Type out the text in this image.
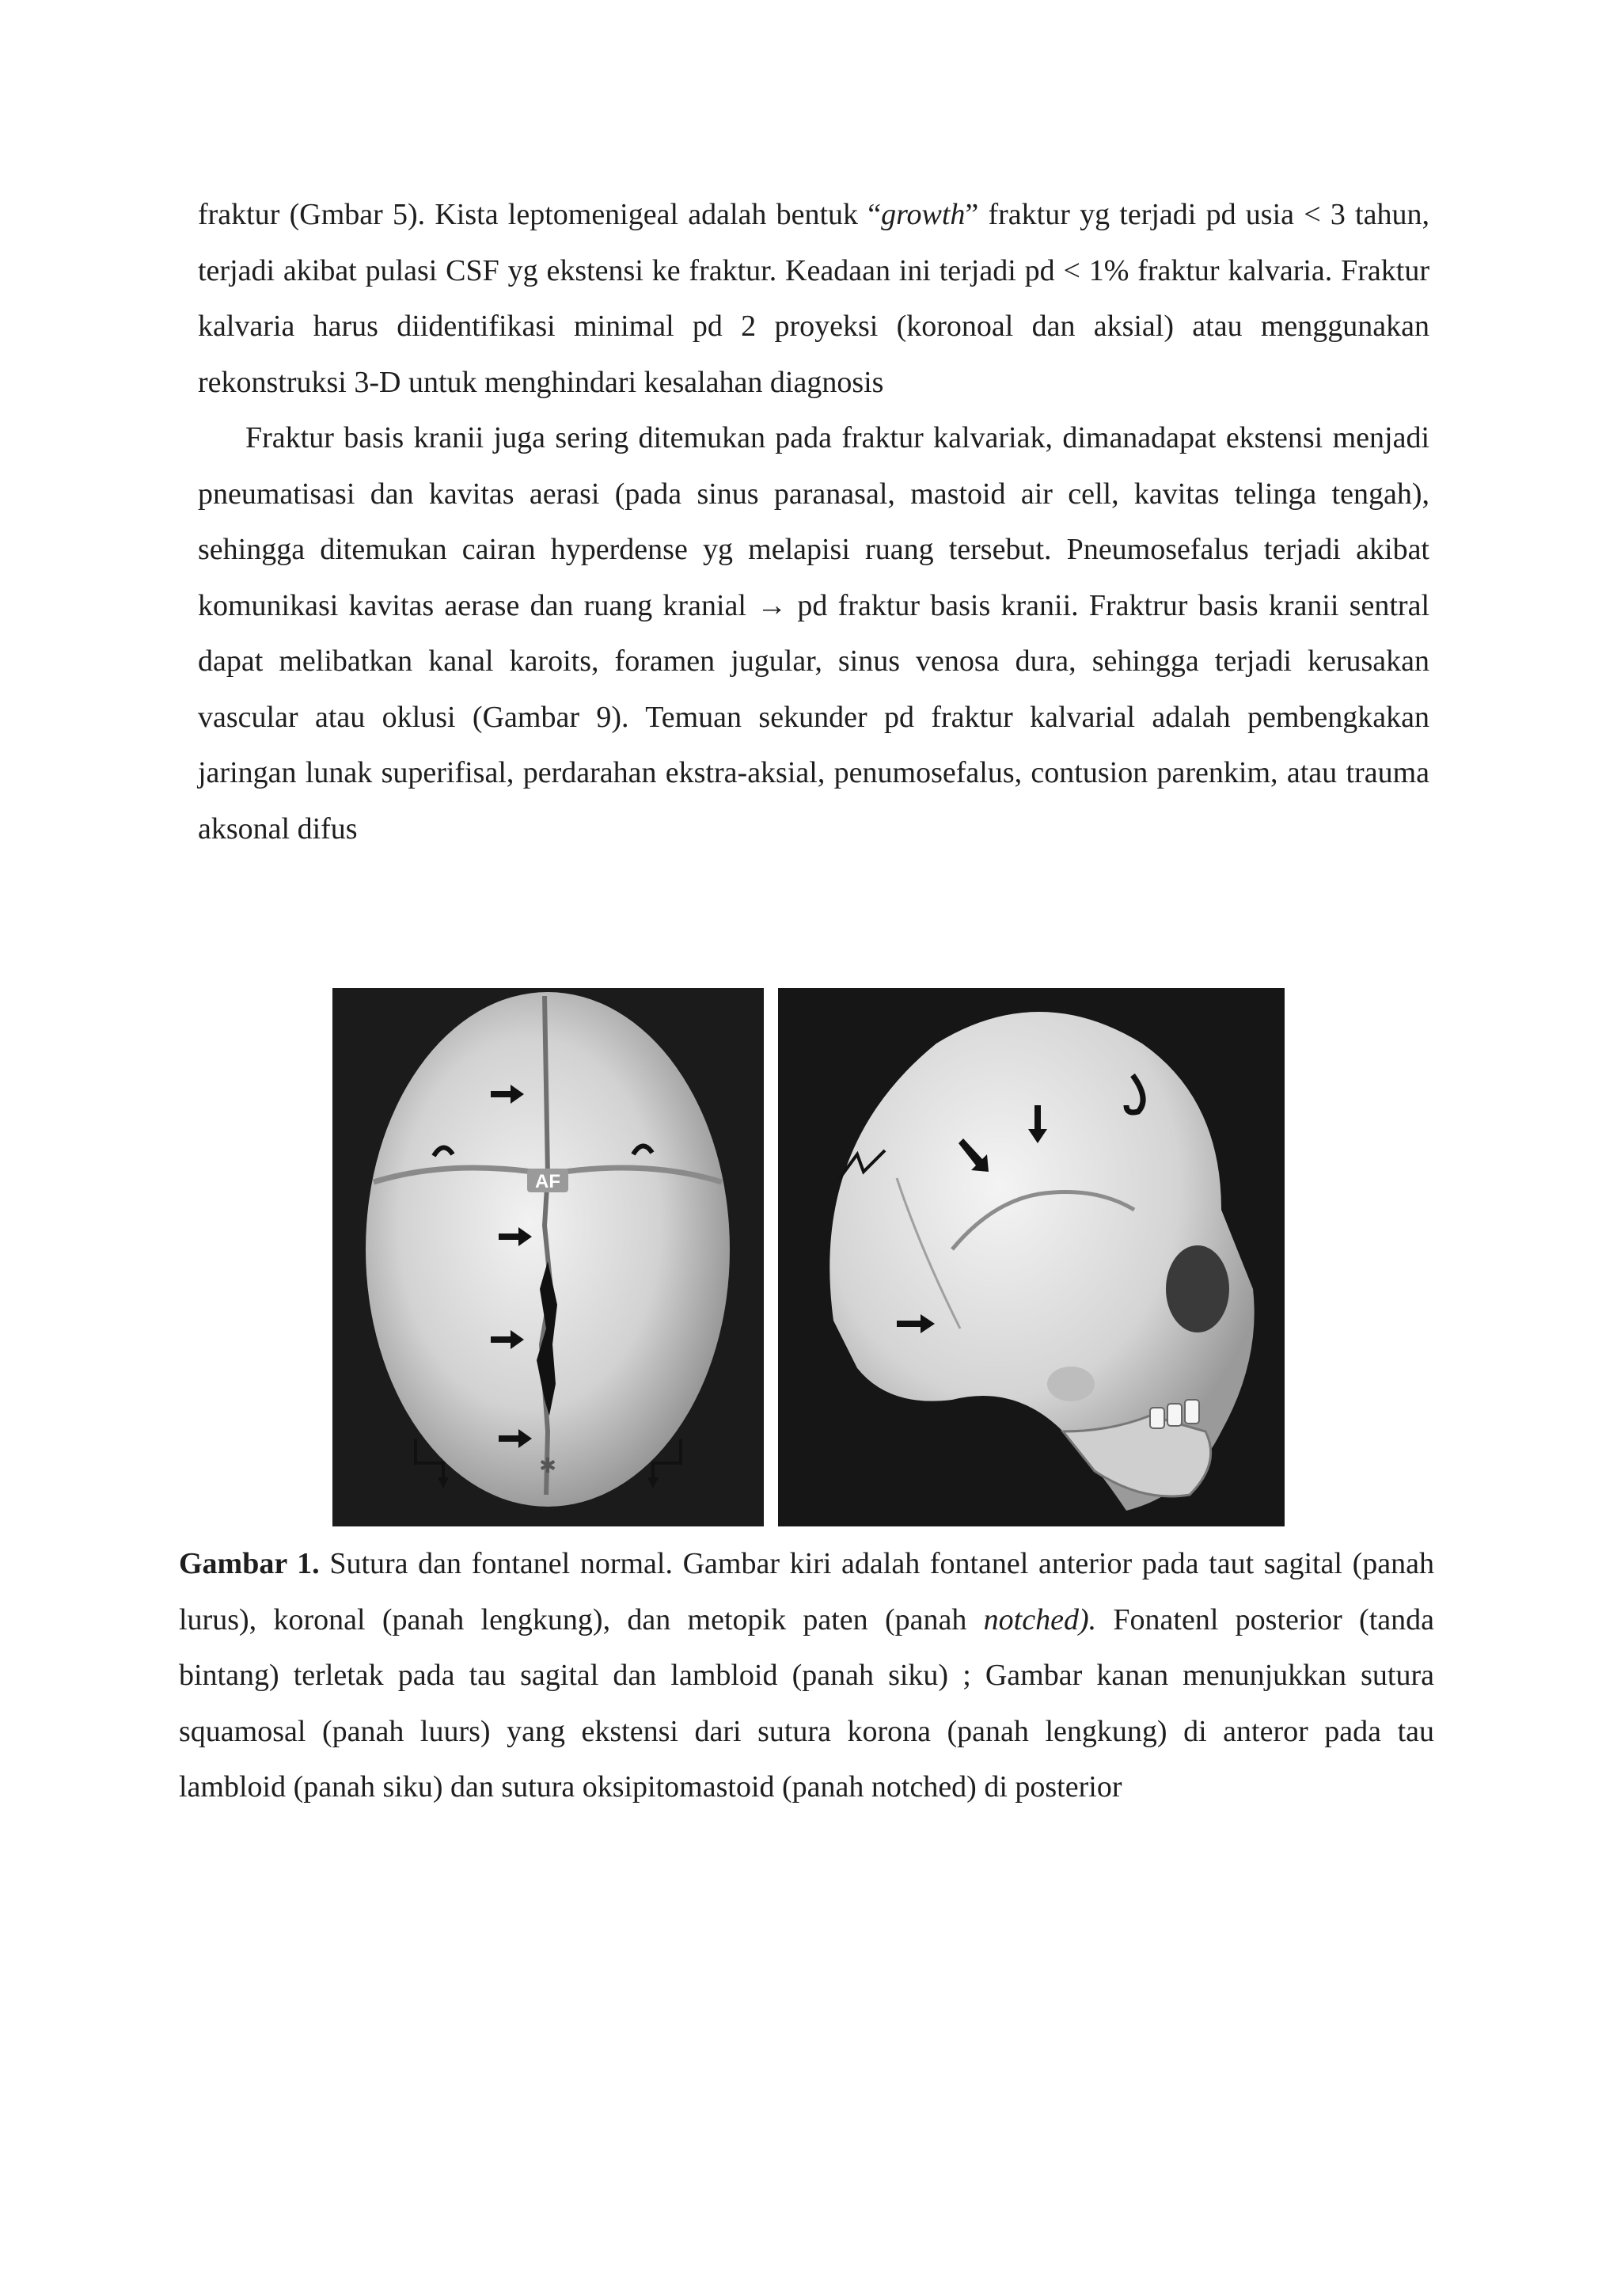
fraktur (Gmbar 5). Kista leptomenigeal adalah bentuk “growth” fraktur yg terjadi pd usia < 3 tahun, terjadi akibat pulasi CSF yg ekstensi ke fraktur. Keadaan ini terjadi pd < 1% fraktur kalvaria. Fraktur kalvaria harus diidentifikasi minimal pd 2 proyeksi (koronoal dan aksial) atau menggunakan rekonstruksi 3-D untuk menghindari kesalahan diagnosis

Fraktur basis kranii juga sering ditemukan pada fraktur kalvariak, dimanadapat ekstensi menjadi pneumatisasi dan kavitas aerasi (pada sinus paranasal, mastoid air cell, kavitas telinga tengah), sehingga ditemukan cairan hyperdense yg melapisi ruang tersebut. Pneumosefalus terjadi akibat komunikasi kavitas aerase dan ruang kranial → pd fraktur basis kranii. Fraktrur basis kranii sentral dapat melibatkan kanal karoits, foramen jugular, sinus venosa dura, sehingga terjadi kerusakan vascular atau oklusi (Gambar 9). Temuan sekunder pd fraktur kalvarial adalah pembengkakan jaringan lunak superifisal, perdarahan ekstra-aksial, penumosefalus, contusion parenkim, atau trauma aksonal difus

AF
✱
Gambar 1. Sutura dan fontanel normal. Gambar kiri adalah fontanel anterior pada taut sagital (panah lurus), koronal (panah lengkung), dan metopik paten (panah notched). Fonatenl posterior (tanda bintang) terletak pada tau sagital dan lambloid (panah siku) ; Gambar kanan menunjukkan sutura squamosal (panah luurs) yang ekstensi dari sutura korona (panah lengkung) di anteror pada tau lambloid (panah siku) dan sutura oksipitomastoid (panah notched) di posterior
